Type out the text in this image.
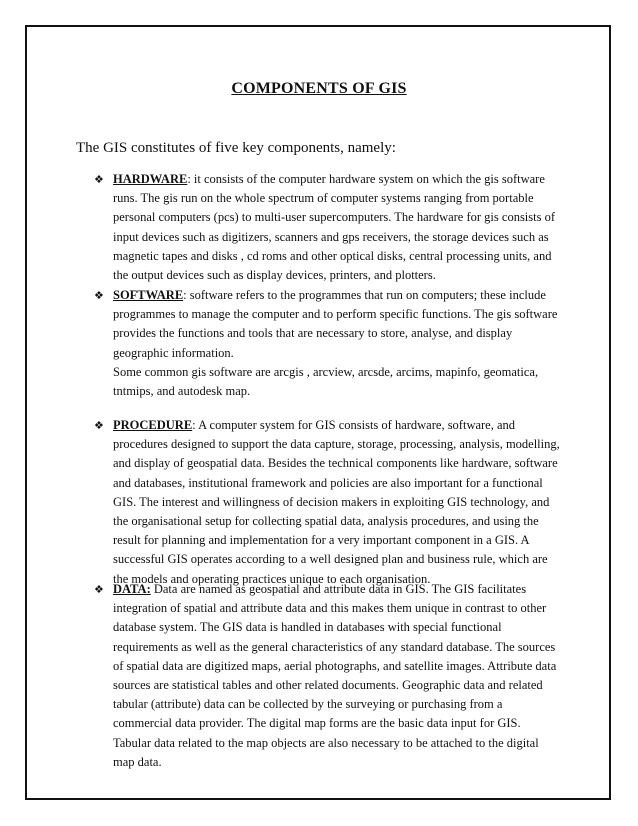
COMPONENTS OF GIS
The GIS constitutes of five key components, namely:
❖ HARDWARE: it consists of the computer hardware system on which the gis software
runs. The gis run on the whole spectrum of computer systems ranging from portable
personal computers (pcs) to multi-user supercomputers. The hardware for gis consists of
input devices such as digitizers, scanners and gps receivers, the storage devices such as
magnetic tapes and disks , cd roms and other optical disks, central processing units, and
the output devices such as display devices, printers, and plotters.
❖ SOFTWARE: software refers to the programmes that run on computers; these include
programmes to manage the computer and to perform specific functions. The gis software
provides the functions and tools that are necessary to store, analyse, and display
geographic information.
Some common gis software are arcgis , arcview, arcsde, arcims, mapinfo, geomatica,
tntmips, and autodesk map.
❖ PROCEDURE: A computer system for GIS consists of hardware, software, and
procedures designed to support the data capture, storage, processing, analysis, modelling,
and display of geospatial data. Besides the technical components like hardware, software
and databases, institutional framework and policies are also important for a functional
GIS. The interest and willingness of decision makers in exploiting GIS technology, and
the organisational setup for collecting spatial data, analysis procedures, and using the
result for planning and implementation for a very important component in a GIS. A
successful GIS operates according to a well designed plan and business rule, which are
the models and operating practices unique to each organisation.
❖ DATA: Data are named as geospatial and attribute data in GIS. The GIS facilitates
integration of spatial and attribute data and this makes them unique in contrast to other
database system. The GIS data is handled in databases with special functional
requirements as well as the general characteristics of any standard database. The sources
of spatial data are digitized maps, aerial photographs, and satellite images. Attribute data
sources are statistical tables and other related documents. Geographic data and related
tabular (attribute) data can be collected by the surveying or purchasing from a
commercial data provider. The digital map forms are the basic data input for GIS.
Tabular data related to the map objects are also necessary to be attached to the digital
map data.
